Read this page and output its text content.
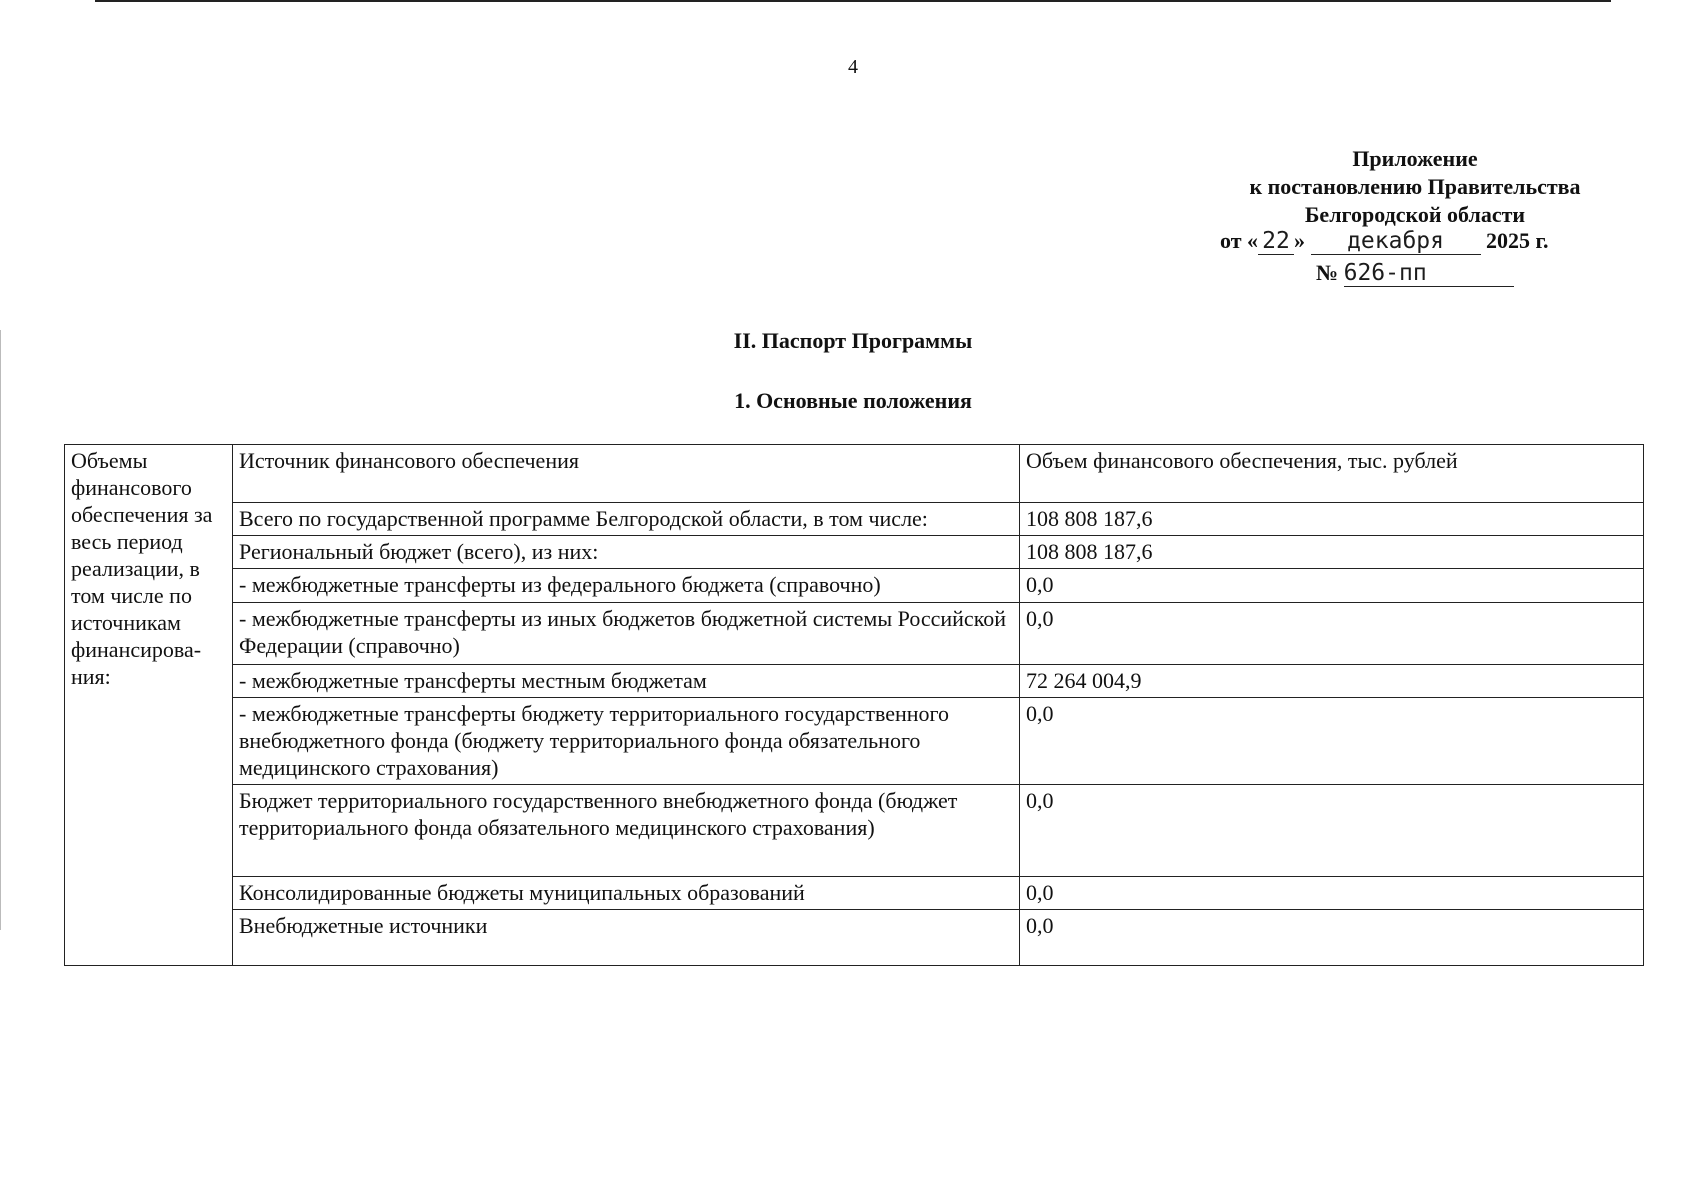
4
Приложение
к постановлению Правительства
Белгородской области
от « 22 » декабря 2025 г.
№ 626-пп
II. Паспорт Программы
1. Основные положения
Объемы финансового обеспечения за весь период реализации, в том числе по источникам финансирова-ния:	Источник финансового обеспечения	Объем финансового обеспечения, тыс. рублей
	Всего по государственной программе Белгородской области, в том числе:	108 808 187,6
	Региональный бюджет (всего), из них:	108 808 187,6
	- межбюджетные трансферты из федерального бюджета (справочно)	0,0
	- межбюджетные трансферты из иных бюджетов бюджетной системы Российской Федерации (справочно)	0,0
	- межбюджетные трансферты местным бюджетам	72 264 004,9
	- межбюджетные трансферты бюджету территориального государственного внебюджетного фонда (бюджету территориального фонда обязательного медицинского страхования)	0,0
	Бюджет территориального государственного внебюджетного фонда (бюджет территориального фонда обязательного медицинского страхования)	0,0
	Консолидированные бюджеты муниципальных образований	0,0
	Внебюджетные источники	0,0
